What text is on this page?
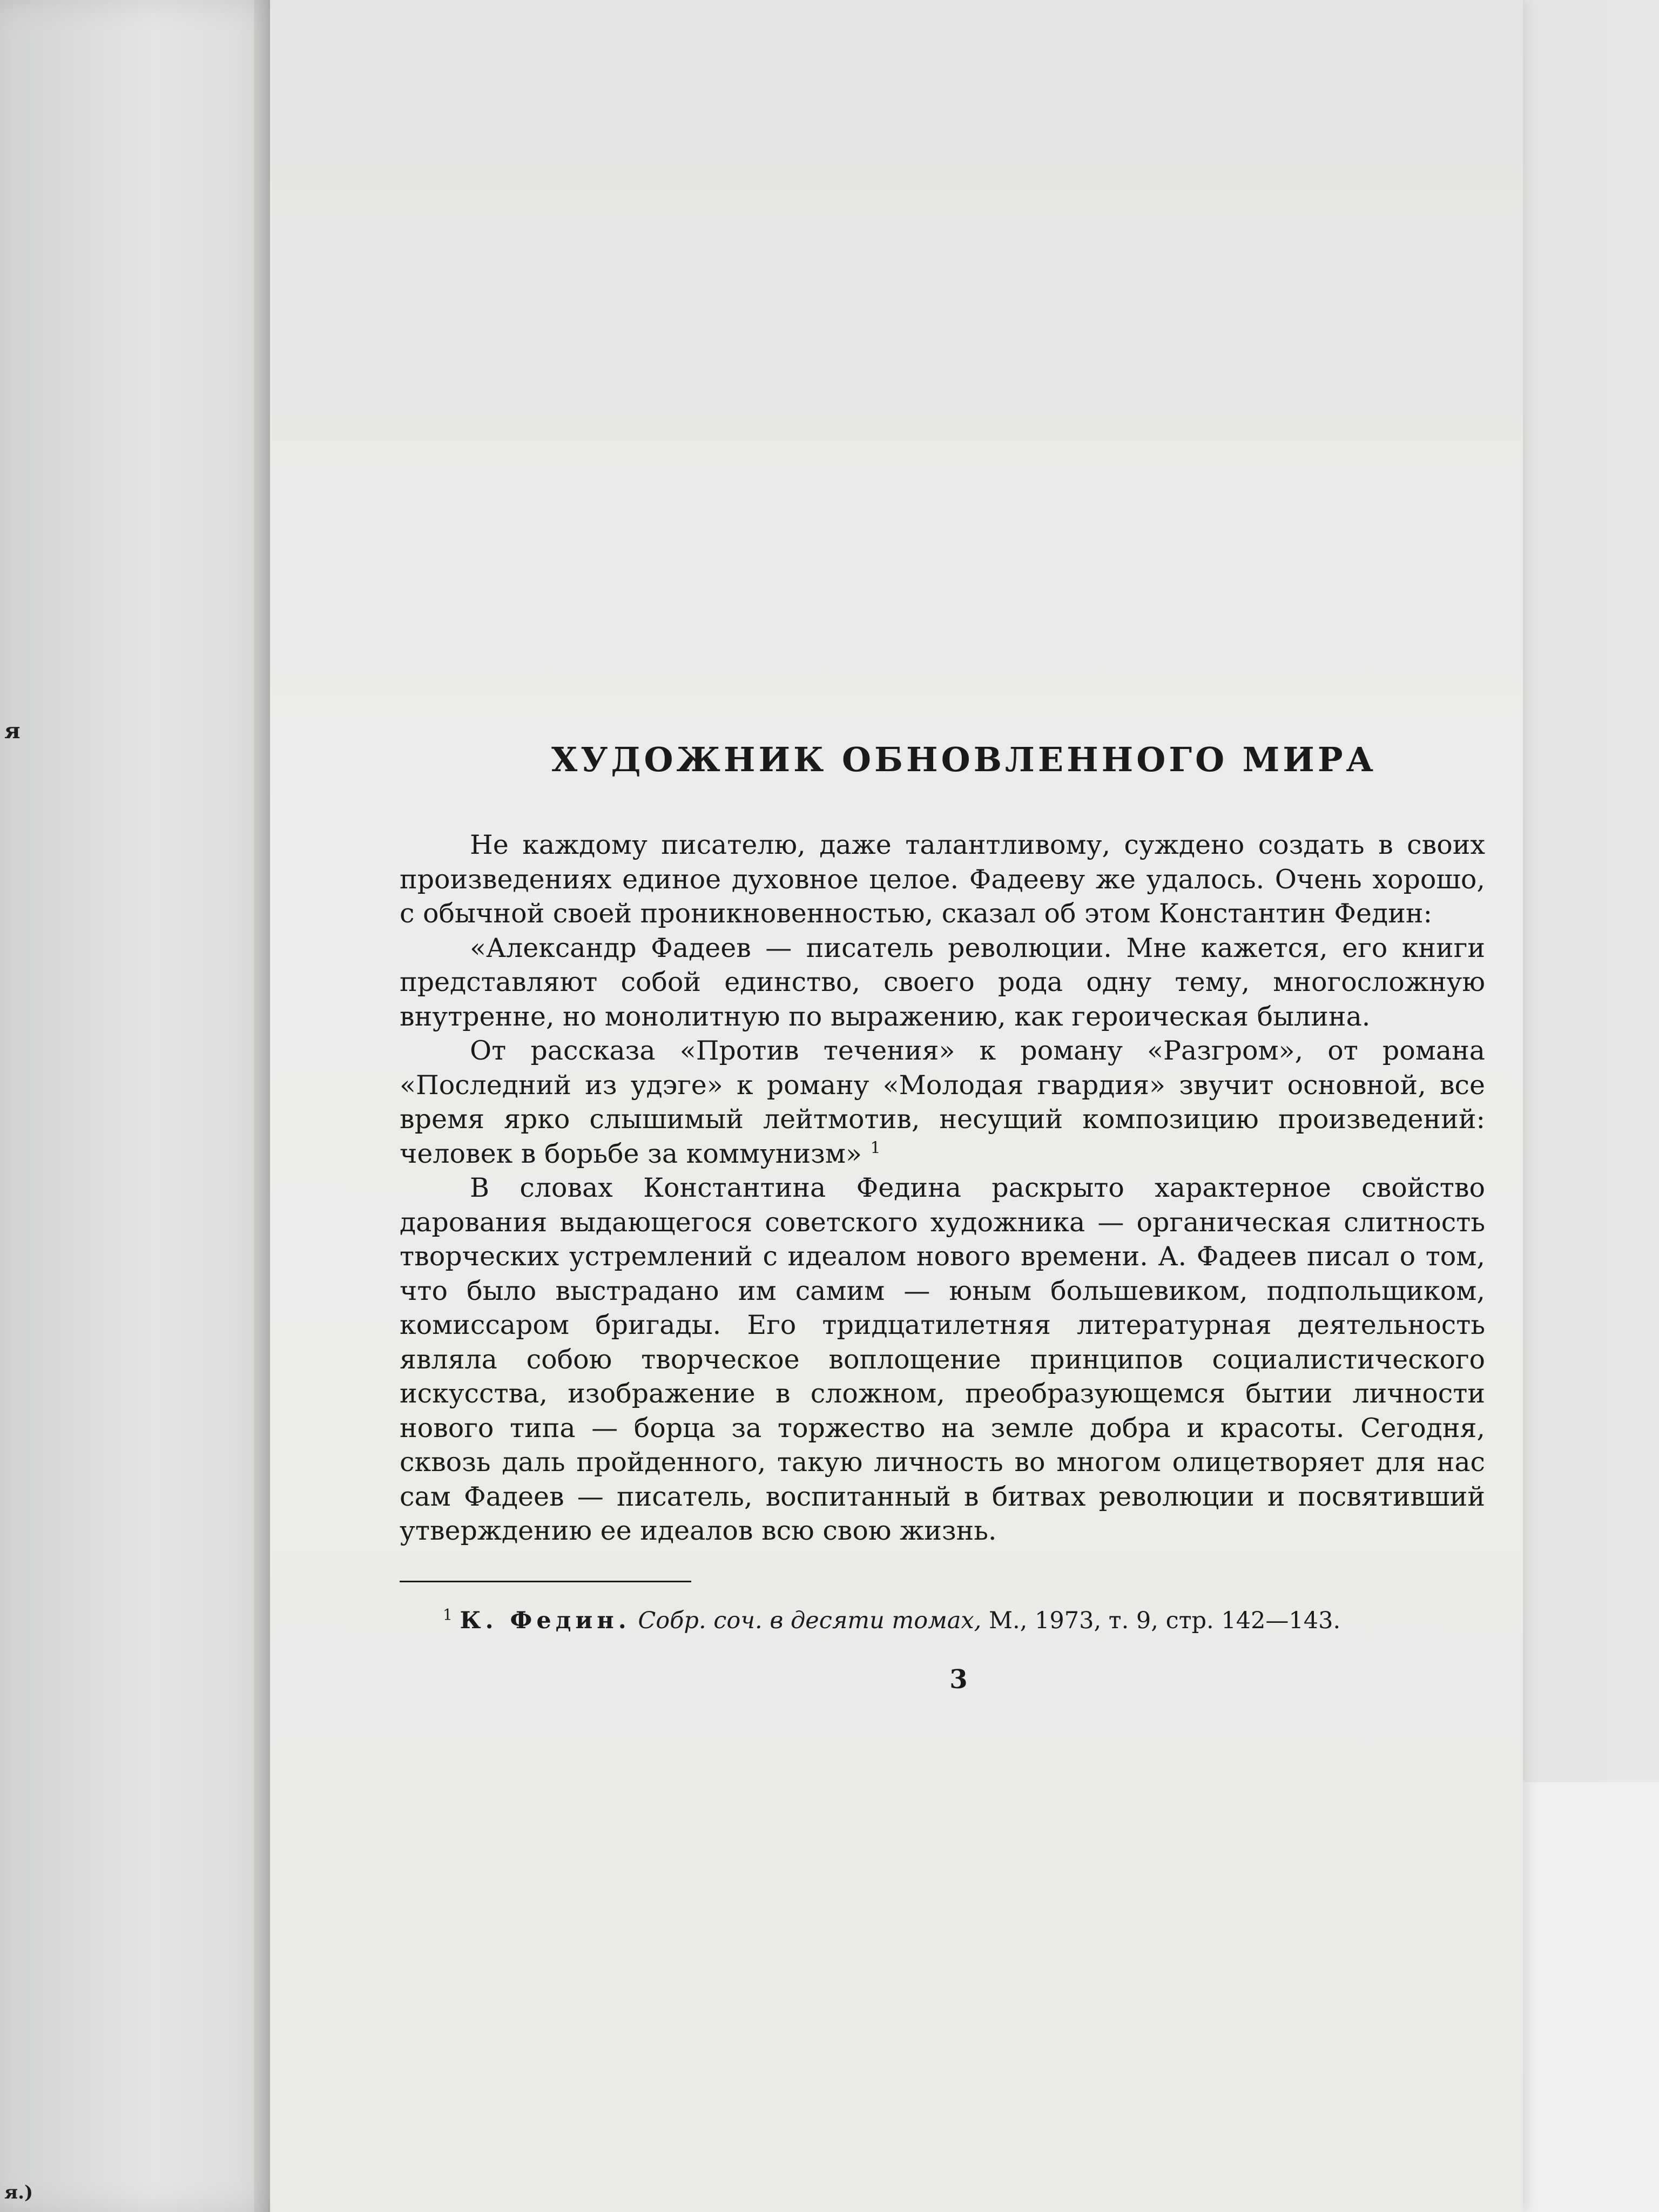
я
я.)
ХУДОЖНИК ОБНОВЛЕННОГО МИРА

Не каждому писателю, даже талантливому, суждено создать в своих произведениях единое духовное целое. Фадееву же удалось. Очень хорошо, с обычной своей проникновенностью, сказал об этом Константин Федин:

«Александр Фадеев — писатель революции. Мне кажется, его книги представляют собой единство, своего рода одну тему, многосложную внутренне, но монолитную по выражению, как героическая былина.

От рассказа «Против течения» к роману «Разгром», от романа «Последний из удэге» к роману «Молодая гвардия» звучит основной, все время ярко слышимый лейтмотив, несущий композицию произведений: человек в борьбе за коммунизм» $^1$

В словах Константина Федина раскрыто характерное свойство дарования выдающегося советского художника — органическая слитность творческих устремлений с идеалом нового времени. А. Фадеев писал о том, что было выстрадано им самим — юным большевиком, подпольщиком, комиссаром бригады. Его тридцатилетняя литературная деятельность являла собою творческое воплощение принципов социалистического искусства, изображение в сложном, преобразующемся бытии личности нового типа — борца за торжество на земле добра и красоты. Сегодня, сквозь даль пройденного, такую личность во многом олицетворяет для нас сам Фадеев — писатель, воспитанный в битвах революции и посвятивший утверждению ее идеалов всю свою жизнь.

$^1$ К. Федин. Собр. соч. в десяти томах, М., 1973, т. 9, стр. 142—143.

3
